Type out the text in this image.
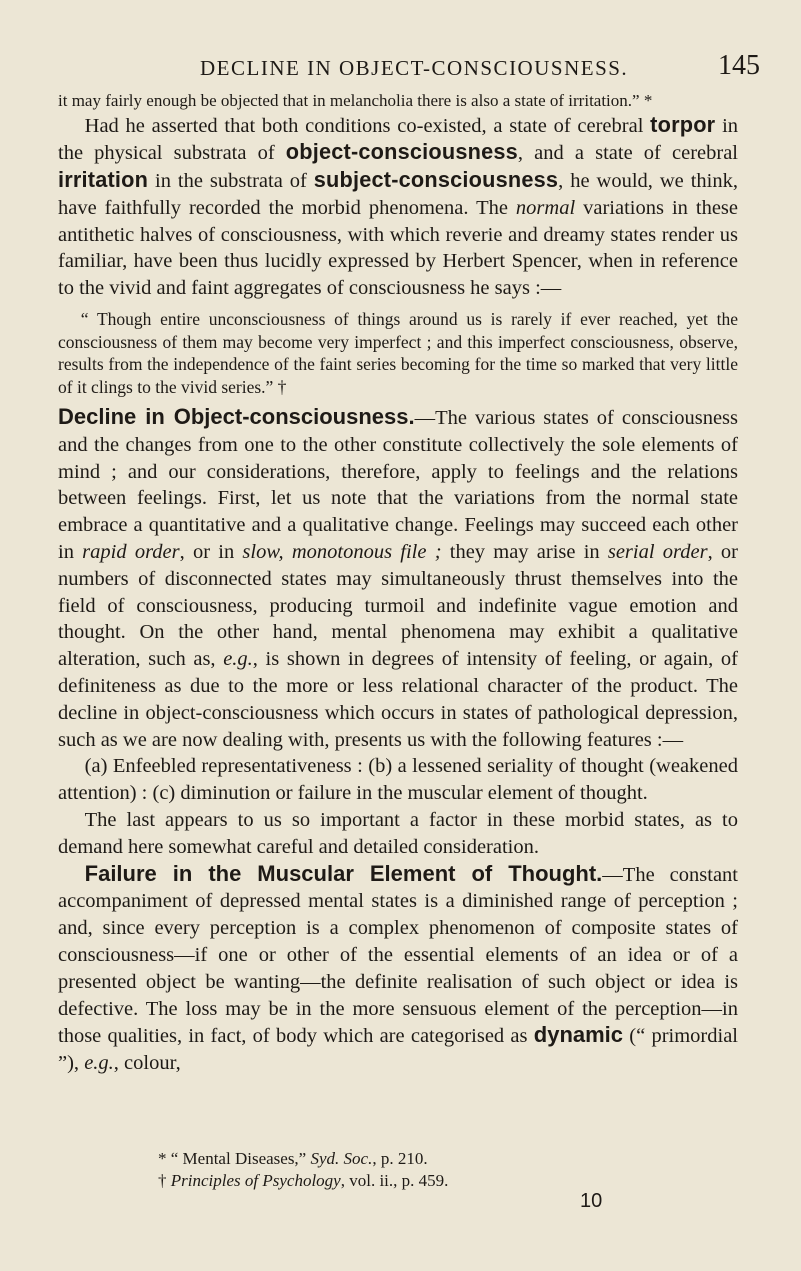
DECLINE IN OBJECT-CONSCIOUSNESS.	145

it may fairly enough be objected that in melancholia there is also a state of irritation.” *

Had he asserted that both conditions co-existed, a state of cerebral torpor in the physical substrata of object-consciousness, and a state of cerebral irritation in the substrata of subject-consciousness, he would, we think, have faithfully recorded the morbid phenomena. The normal variations in these antithetic halves of consciousness, with which reverie and dreamy states render us familiar, have been thus lucidly expressed by Herbert Spencer, when in reference to the vivid and faint aggregates of consciousness he says :—

“ Though entire unconsciousness of things around us is rarely if ever reached, yet the consciousness of them may become very imperfect ; and this imperfect consciousness, observe, results from the independence of the faint series becoming for the time so marked that very little of it clings to the vivid series.” †

Decline in Object-consciousness.—The various states of consciousness and the changes from one to the other constitute collectively the sole elements of mind ; and our considerations, therefore, apply to feelings and the relations between feelings. First, let us note that the variations from the normal state embrace a quantitative and a qualitative change. Feelings may succeed each other in rapid order, or in slow, monotonous file ; they may arise in serial order, or numbers of disconnected states may simultaneously thrust themselves into the field of consciousness, producing turmoil and indefinite vague emotion and thought. On the other hand, mental phenomena may exhibit a qualitative alteration, such as, e.g., is shown in degrees of intensity of feeling, or again, of definiteness as due to the more or less relational character of the product. The decline in object-consciousness which occurs in states of pathological depression, such as we are now dealing with, presents us with the following features :—

(a) Enfeebled representativeness : (b) a lessened seriality of thought (weakened attention) : (c) diminution or failure in the muscular element of thought.

The last appears to us so important a factor in these morbid states, as to demand here somewhat careful and detailed consideration.

Failure in the Muscular Element of Thought.—The constant accompaniment of depressed mental states is a diminished range of perception ; and, since every perception is a complex phenomenon of composite states of consciousness—if one or other of the essential elements of an idea or of a presented object be wanting—the definite realisation of such object or idea is defective. The loss may be in the more sensuous element of the perception—in those qualities, in fact, of body which are categorised as dynamic (“ primordial ”), e.g., colour,

* “ Mental Diseases,” Syd. Soc., p. 210.

† Principles of Psychology, vol. ii., p. 459.

10
